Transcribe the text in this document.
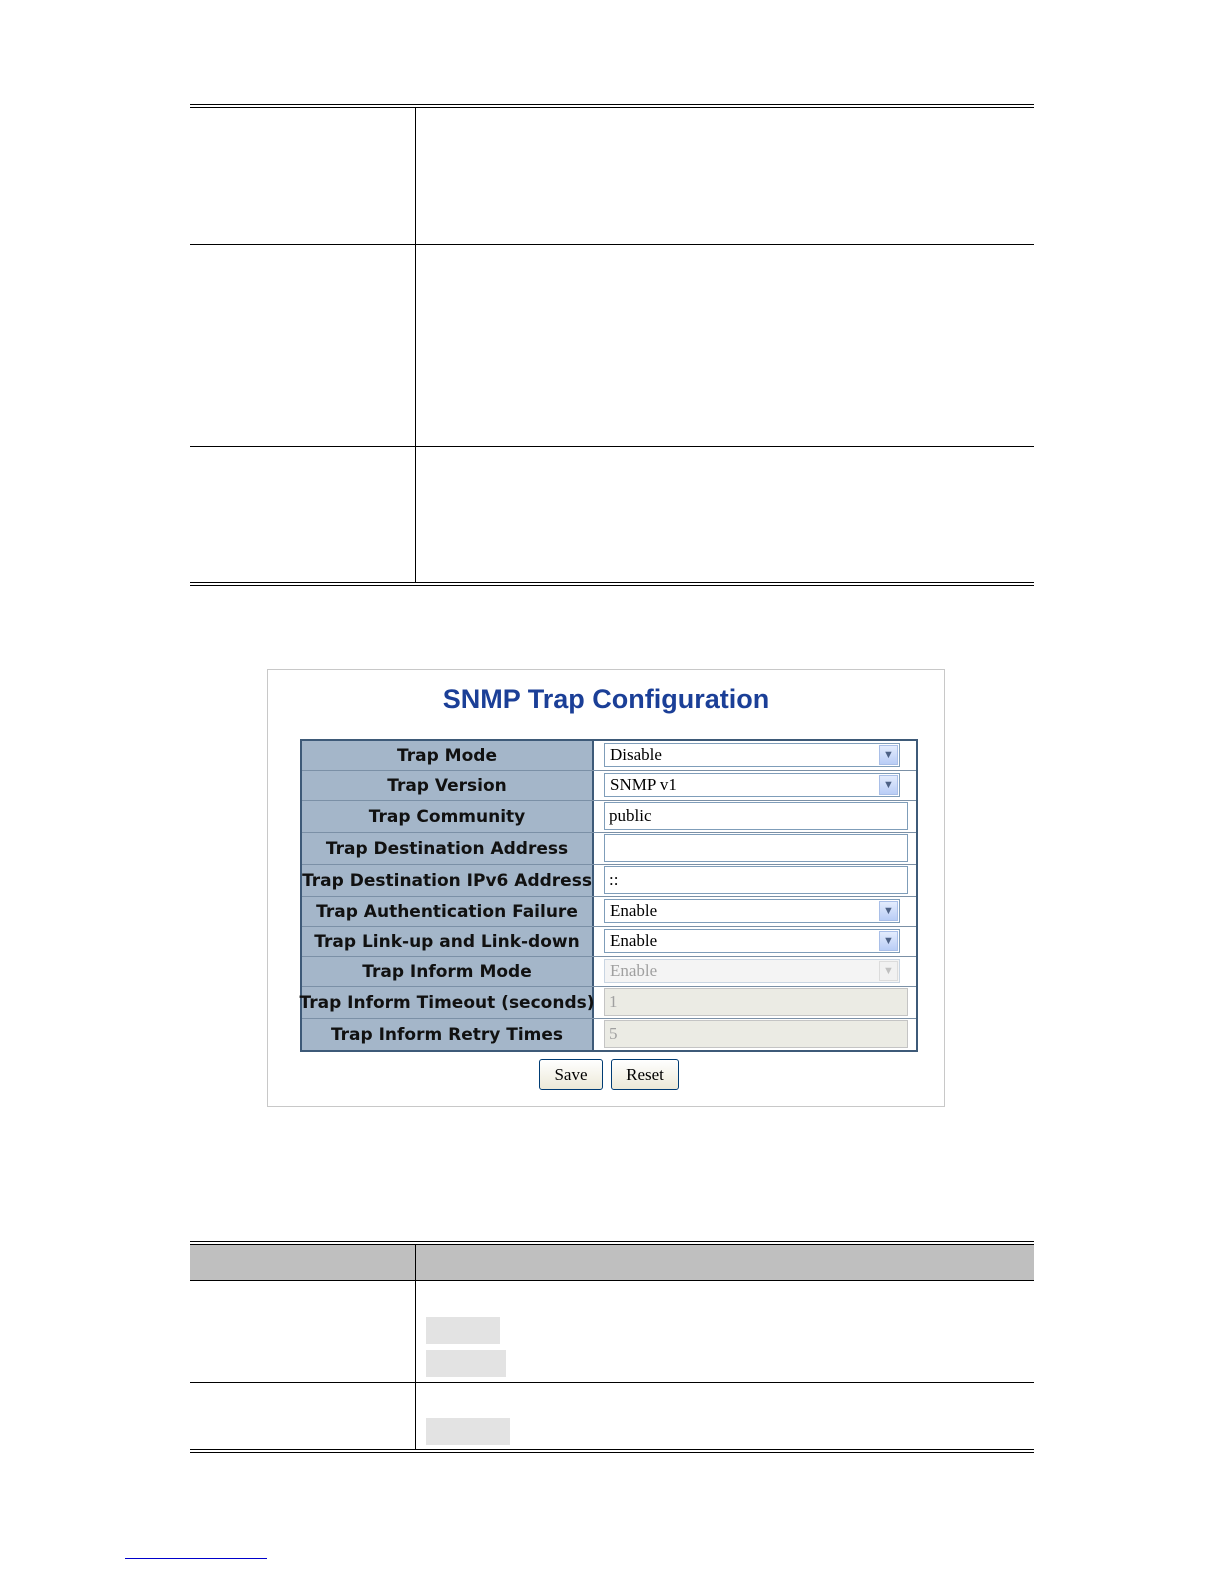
SNMP Trap Configuration
Trap Mode	Disable	▼
Trap Version	SNMP v1	▼
Trap Community	public
Trap Destination Address
Trap Destination IPv6 Address ::
Trap Authentication Failure	Enable	▼
Trap Link-up and Link-down	Enable	▼
Trap Inform Mode	Enable	▼
Trap Inform Timeout (seconds) 1
Trap Inform Retry Times	5
Save	Reset
